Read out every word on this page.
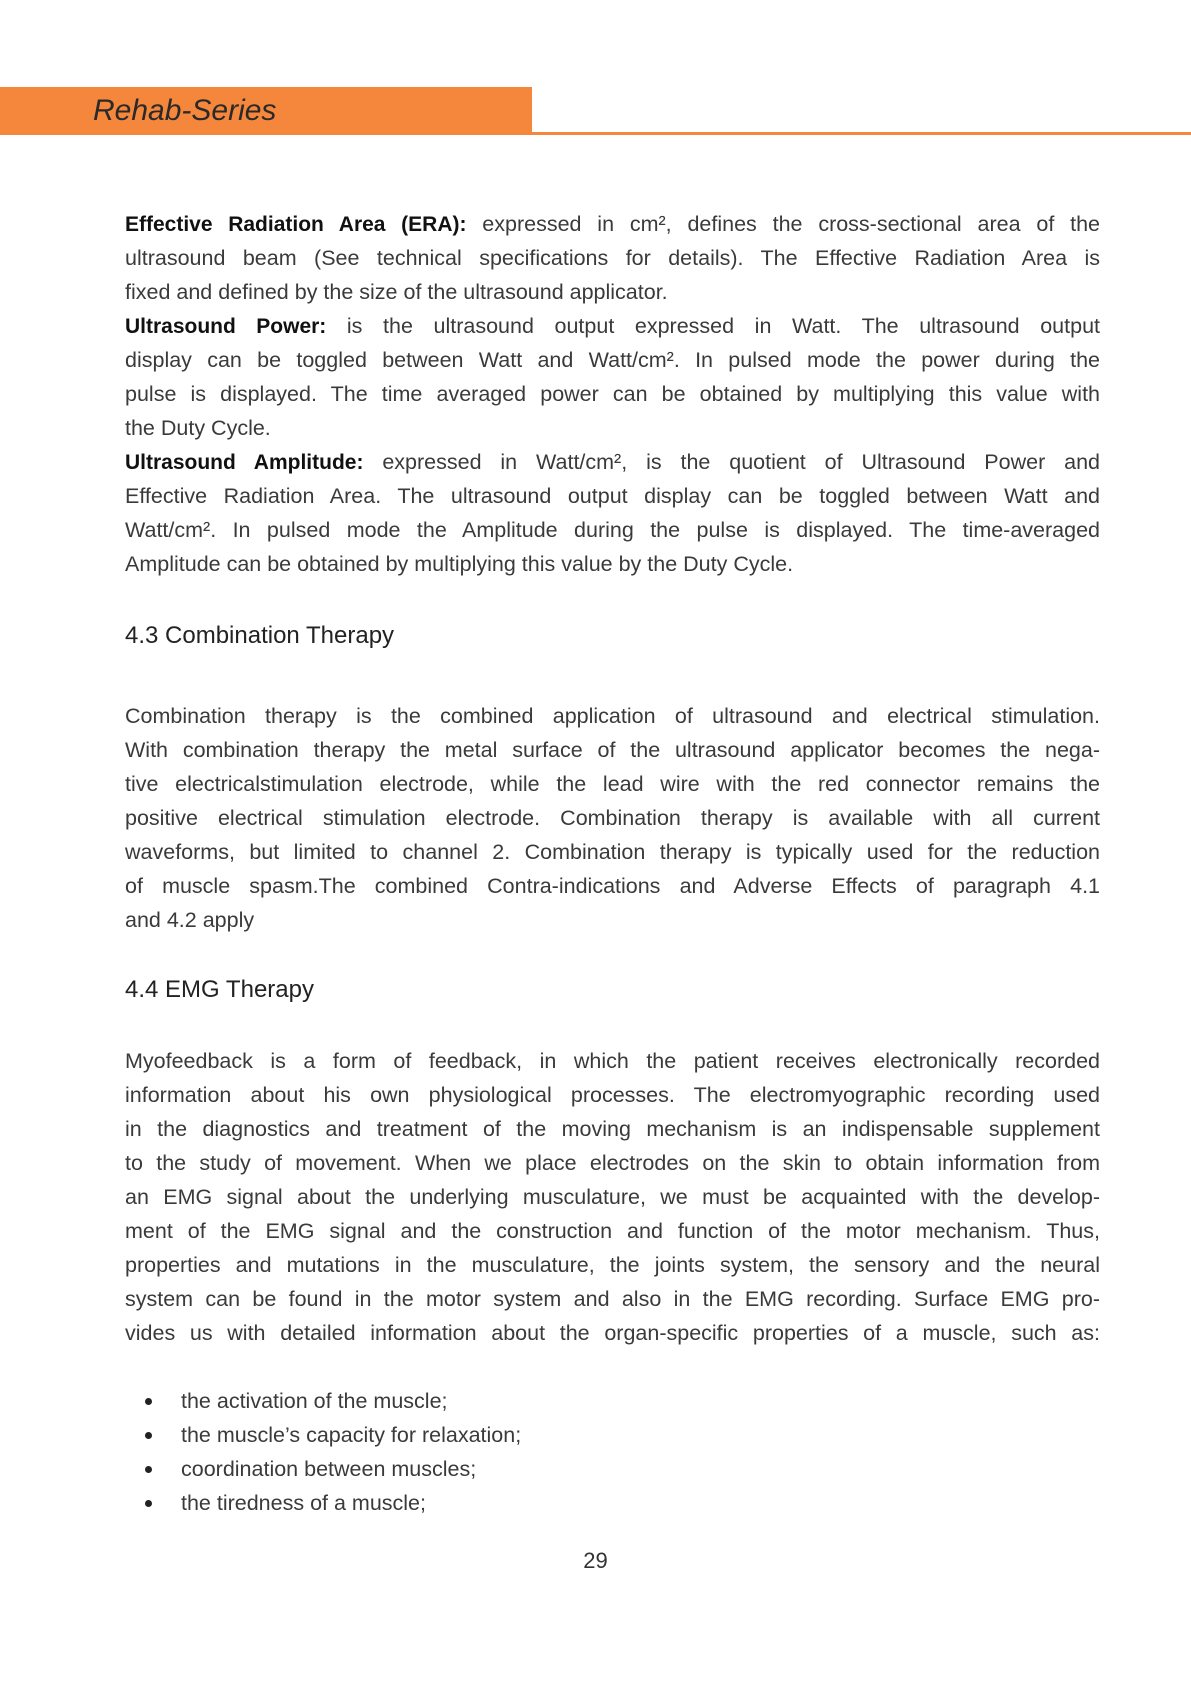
Rehab-Series
Effective Radiation Area (ERA): expressed in cm², defines the cross-sectional area of the
ultrasound beam (See technical specifications for details). The Effective Radiation Area is
fixed and defined by the size of the ultrasound applicator.
Ultrasound Power: is the ultrasound output expressed in Watt. The ultrasound output
display can be toggled between Watt and Watt/cm². In pulsed mode the power during the
pulse is displayed. The time averaged power can be obtained by multiplying this value with
the Duty Cycle.
Ultrasound Amplitude: expressed in Watt/cm², is the quotient of Ultrasound Power and
Effective Radiation Area. The ultrasound output display can be toggled between Watt and
Watt/cm². In pulsed mode the Amplitude during the pulse is displayed. The time-averaged
Amplitude can be obtained by multiplying this value by the Duty Cycle.
4.3 Combination Therapy
Combination therapy is the combined application of ultrasound and electrical stimulation.
With combination therapy the metal surface of the ultrasound applicator becomes the nega-
tive electricalstimulation electrode, while the lead wire with the red connector remains the
positive electrical stimulation electrode. Combination therapy is available with all current
waveforms, but limited to channel 2. Combination therapy is typically used for the reduction
of muscle spasm.The combined Contra-indications and Adverse Effects of paragraph 4.1
and 4.2 apply
4.4 EMG Therapy
Myofeedback is a form of feedback, in which the patient receives electronically recorded
information about his own physiological processes. The electromyographic recording used
in the diagnostics and treatment of the moving mechanism is an indispensable supplement
to the study of movement. When we place electrodes on the skin to obtain information from
an EMG signal about the underlying musculature, we must be acquainted with the develop-
ment of the EMG signal and the construction and function of the motor mechanism. Thus,
properties and mutations in the musculature, the joints system, the sensory and the neural
system can be found in the motor system and also in the EMG recording. Surface EMG pro-
vides us with detailed information about the organ-specific properties of a muscle, such as:
the activation of the muscle;
the muscle’s capacity for relaxation;
coordination between muscles;
the tiredness of a muscle;
29
